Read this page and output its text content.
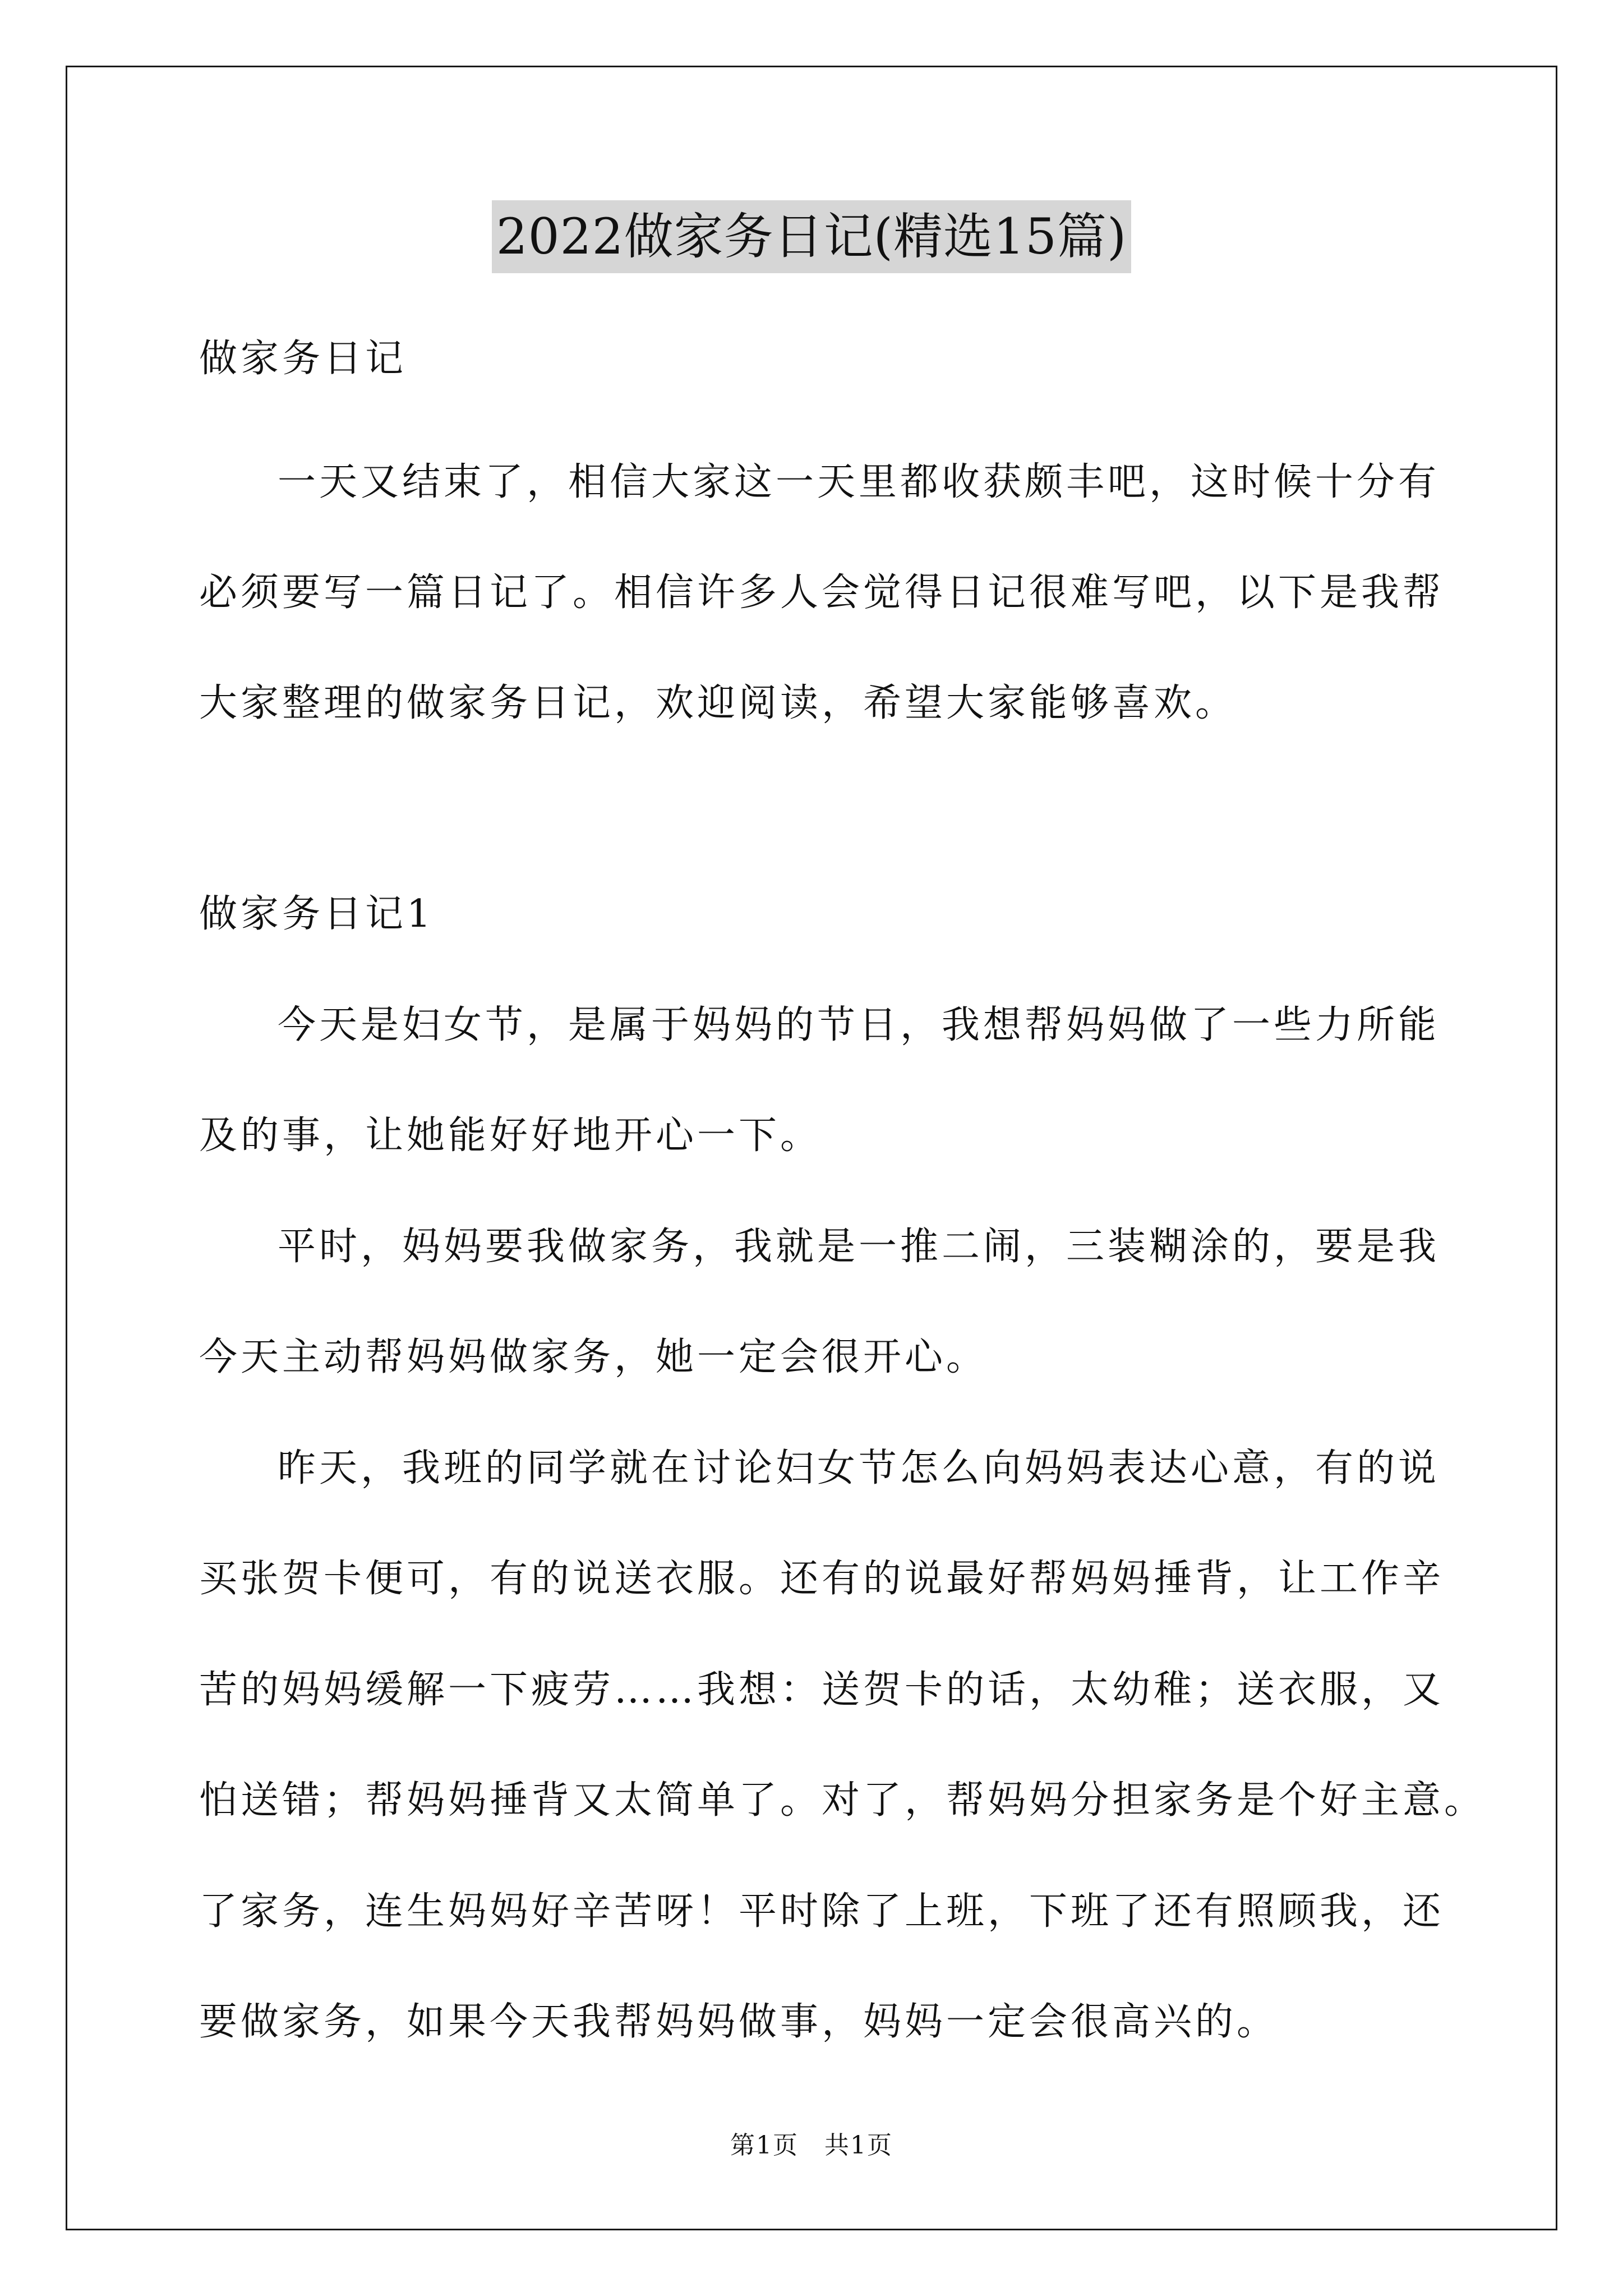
2022做家务日记(精选15篇)
做家务日记
一天又结束了，相信大家这一天里都收获颇丰吧，这时候十分有
必须要写一篇日记了。相信许多人会觉得日记很难写吧，以下是我帮
大家整理的做家务日记，欢迎阅读，希望大家能够喜欢。
做家务日记1
今天是妇女节，是属于妈妈的节日，我想帮妈妈做了一些力所能
及的事，让她能好好地开心一下。
平时，妈妈要我做家务，我就是一推二闹，三装糊涂的，要是我
今天主动帮妈妈做家务，她一定会很开心。
昨天，我班的同学就在讨论妇女节怎么向妈妈表达心意，有的说
买张贺卡便可，有的说送衣服。还有的说最好帮妈妈捶背，让工作辛
苦的妈妈缓解一下疲劳……我想：送贺卡的话，太幼稚；送衣服，又
怕送错；帮妈妈捶背又太简单了。对了，帮妈妈分担家务是个好主意。
了家务，连生妈妈好辛苦呀！平时除了上班，下班了还有照顾我，还
要做家务，如果今天我帮妈妈做事，妈妈一定会很高兴的。
第1页　共1页
